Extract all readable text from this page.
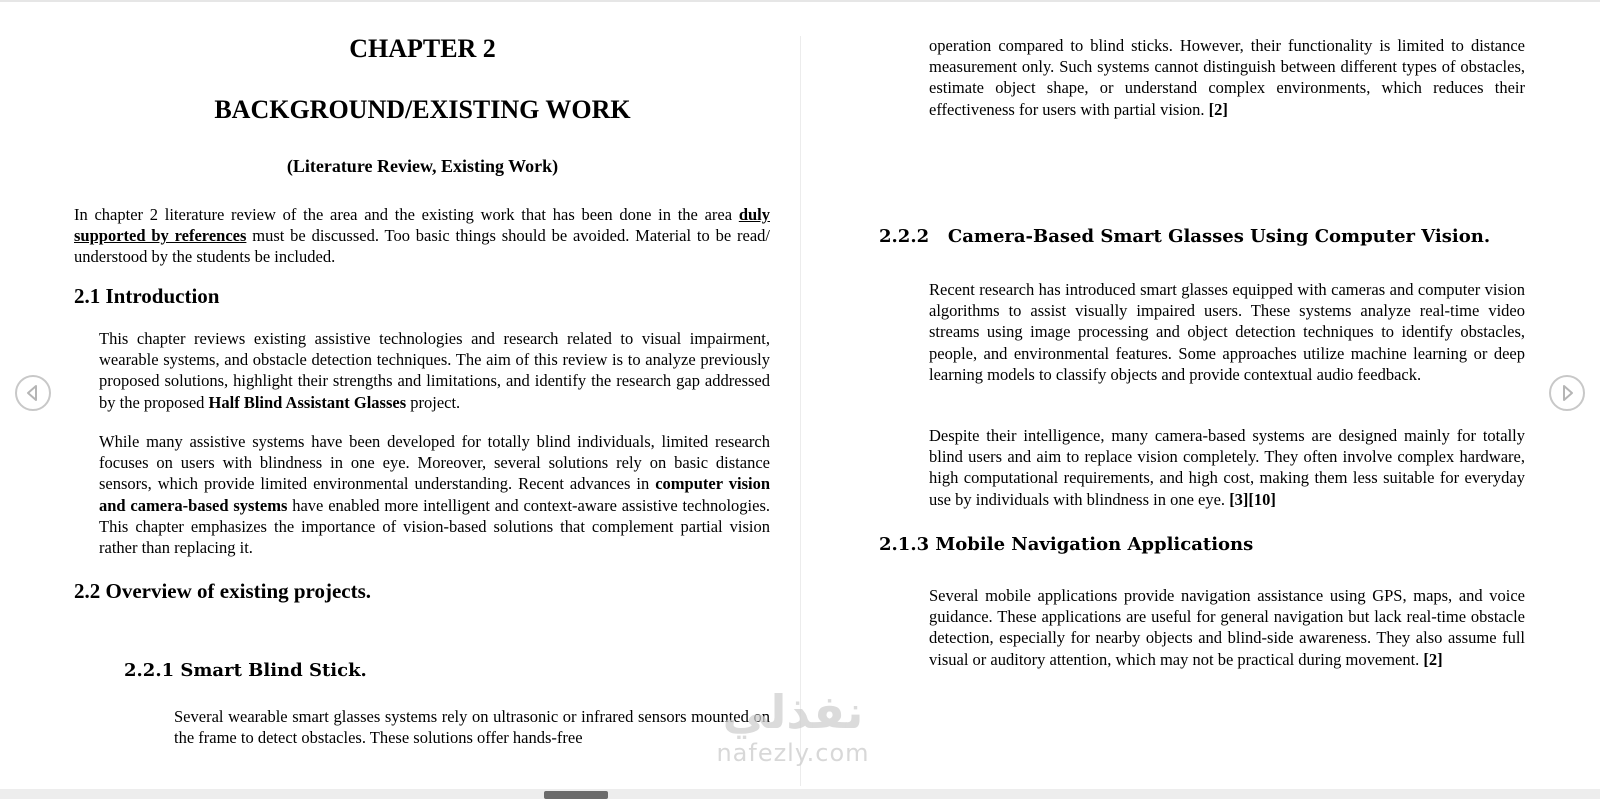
CHAPTER 2
BACKGROUND/EXISTING WORK
(Literature Review, Existing Work)

In chapter 2 literature review of the area and the existing work that has been done in the area duly supported by references must be discussed. Too basic things should be avoided. Material to be read/ understood by the students be included.

2.1 Introduction

This chapter reviews existing assistive technologies and research related to visual impairment, wearable systems, and obstacle detection techniques. The aim of this review is to analyze previously proposed solutions, highlight their strengths and limitations, and identify the research gap addressed by the proposed Half Blind Assistant Glasses project.

While many assistive systems have been developed for totally blind individuals, limited research focuses on users with blindness in one eye. Moreover, several solutions rely on basic distance sensors, which provide limited environmental understanding. Recent advances in computer vision and camera-based systems have enabled more intelligent and context-aware assistive technologies. This chapter emphasizes the importance of vision-based solutions that complement partial vision rather than replacing it.

2.2 Overview of existing projects.
2.2.1 Smart Blind Stick.

Several wearable smart glasses systems rely on ultrasonic or infrared sensors mounted on the frame to detect obstacles. These solutions offer hands-free

operation compared to blind sticks. However, their functionality is limited to distance measurement only. Such systems cannot distinguish between different types of obstacles, estimate object shape, or understand complex environments, which reduces their effectiveness for users with partial vision. [2]

2.2.2   Camera-Based Smart Glasses Using Computer Vision.

Recent research has introduced smart glasses equipped with cameras and computer vision algorithms to assist visually impaired users. These systems analyze real-time video streams using image processing and object detection techniques to identify obstacles, people, and environmental features. Some approaches utilize machine learning or deep learning models to classify objects and provide contextual audio feedback.

Despite their intelligence, many camera-based systems are designed mainly for totally blind users and aim to replace vision completely. They often involve complex hardware, high computational requirements, and high cost, making them less suitable for everyday use by individuals with blindness in one eye. [3][10]

2.1.3 Mobile Navigation Applications

Several mobile applications provide navigation assistance using GPS, maps, and voice guidance. These applications are useful for general navigation but lack real-time obstacle detection, especially for nearby objects and blind-side awareness. They also assume full visual or auditory attention, which may not be practical during movement. [2]

نفذلي
nafezly.com
